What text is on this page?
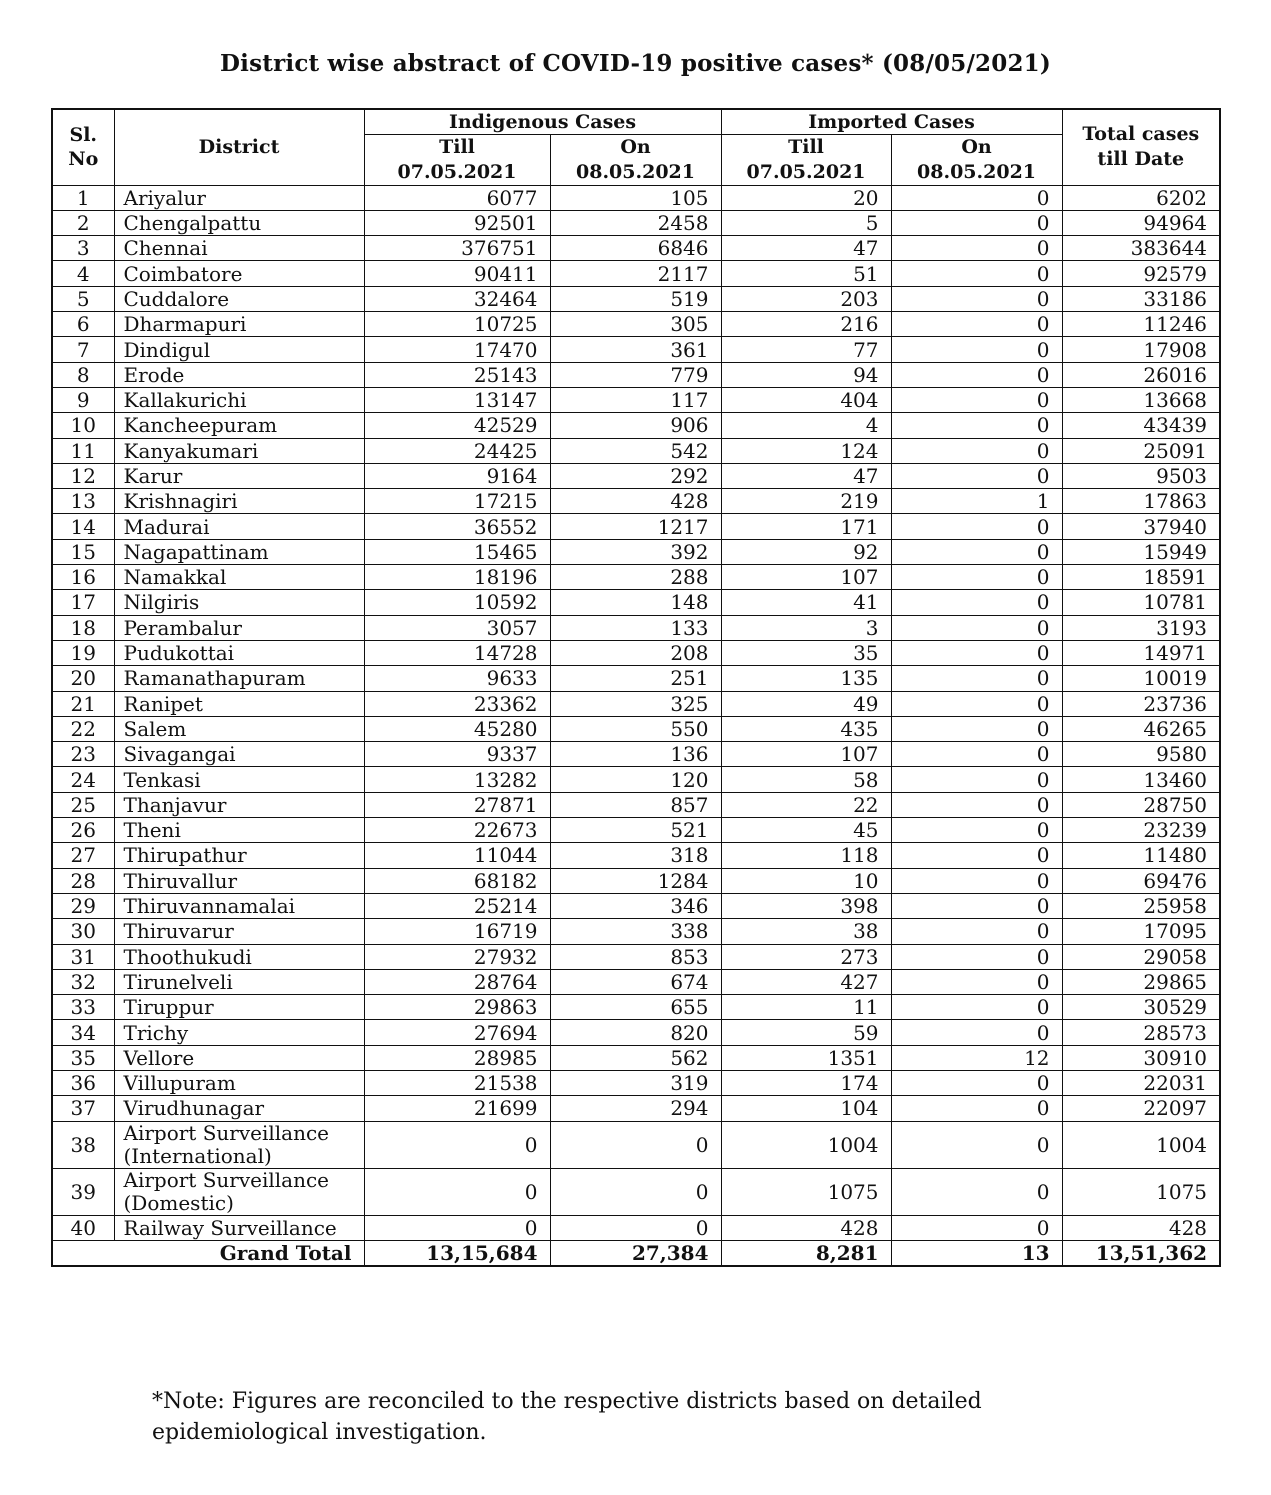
District wise abstract of COVID-19 positive cases* (08/05/2021)
Sl.
No	District	Indigenous Cases		Imported Cases		Total cases till Date
		Till	On	Till	On	
		07.05.2021	08.05.2021	07.05.2021	08.05.2021	
1	Ariyalur	6077	105	20	0	6202
2	Chengalpattu	92501	2458	5	0	94964
3	Chennai	376751	6846	47	0	383644
4	Coimbatore	90411	2117	51	0	92579
5	Cuddalore	32464	519	203	0	33186
6	Dharmapuri	10725	305	216	0	11246
7	Dindigul	17470	361	77	0	17908
8	Erode	25143	779	94	0	26016
9	Kallakurichi	13147	117	404	0	13668
10	Kancheepuram	42529	906	4	0	43439
11	Kanyakumari	24425	542	124	0	25091
12	Karur	9164	292	47	0	9503
13	Krishnagiri	17215	428	219	1	17863
14	Madurai	36552	1217	171	0	37940
15	Nagapattinam	15465	392	92	0	15949
16	Namakkal	18196	288	107	0	18591
17	Nilgiris	10592	148	41	0	10781
18	Perambalur	3057	133	3	0	3193
19	Pudukottai	14728	208	35	0	14971
20	Ramanathapuram	9633	251	135	0	10019
21	Ranipet	23362	325	49	0	23736
22	Salem	45280	550	435	0	46265
23	Sivagangai	9337	136	107	0	9580
24	Tenkasi	13282	120	58	0	13460
25	Thanjavur	27871	857	22	0	28750
26	Theni	22673	521	45	0	23239
27	Thirupathur	11044	318	118	0	11480
28	Thiruvallur	68182	1284	10	0	69476
29	Thiruvannamalai	25214	346	398	0	25958
30	Thiruvarur	16719	338	38	0	17095
31	Thoothukudi	27932	853	273	0	29058
32	Tirunelveli	28764	674	427	0	29865
33	Tiruppur	29863	655	11	0	30529
34	Trichy	27694	820	59	0	28573
35	Vellore	28985	562	1351	12	30910
36	Villupuram	21538	319	174	0	22031
37	Virudhunagar	21699	294	104	0	22097
38	Airport Surveillance (International)	0	0	1004	0	1004
39	Airport Surveillance (Domestic)	0	0	1075	0	1075
40	Railway Surveillance	0	0	428	0	428
Grand Total		13,15,684	27,384	8,281	13	13,51,362
*Note: Figures are reconciled to the respective districts based on detailed epidemiological investigation.
